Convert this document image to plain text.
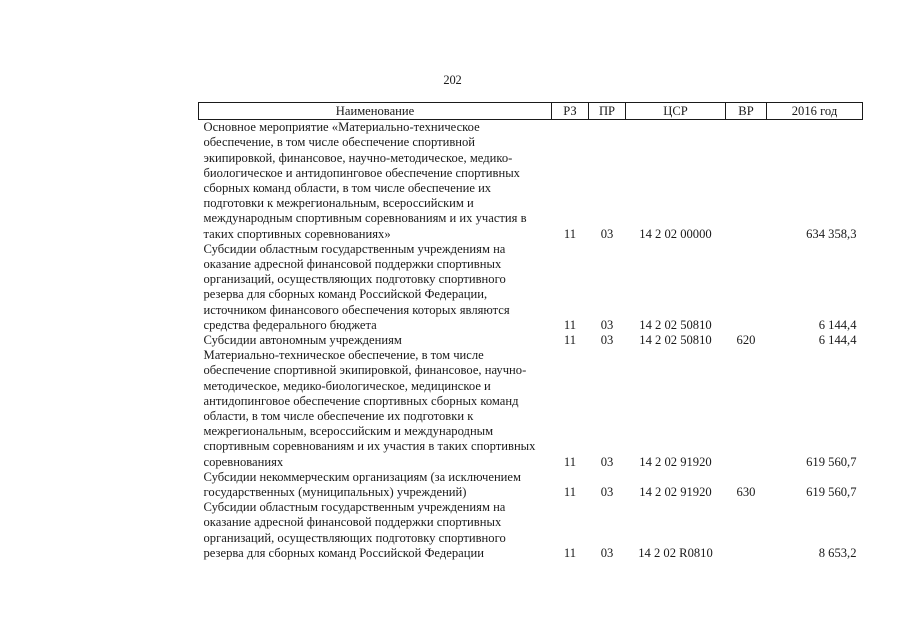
202
Наименование	РЗ	ПР	ЦСР	ВР	2016 год
Основное мероприятие «Материально-техническое обеспечение, в том числе обеспечение спортивной экипировкой, финансовое, научно-методическое, медико-биологическое и антидопинговое обеспечение спортивных сборных команд области, в том числе обеспечение их подготовки к межрегиональным, всероссийским и международным спортивным соревнованиям и их участия в таких спортивных соревнованиях»	11	03	14 2 02 00000		634 358,3
Субсидии областным государственным учреждениям на оказание адресной финансовой поддержки спортивных организаций, осуществляющих подготовку спортивного резерва для сборных команд Российской Федерации, источником финансового обеспечения которых являются средства федерального бюджета	11	03	14 2 02 50810		6 144,4
Субсидии автономным учреждениям	11	03	14 2 02 50810	620	6 144,4
Материально-техническое обеспечение, в том числе обеспечение спортивной экипировкой, финансовое, научно-методическое, медико-биологическое, медицинское и антидопинговое обеспечение спортивных сборных команд области, в том числе обеспечение их подготовки к межрегиональным, всероссийским и международным спортивным соревнованиям и их участия в таких спортивных соревнованиях	11	03	14 2 02 91920		619 560,7
Субсидии некоммерческим организациям (за исключением государственных (муниципальных) учреждений)	11	03	14 2 02 91920	630	619 560,7
Субсидии областным государственным учреждениям на оказание адресной финансовой поддержки спортивных организаций, осуществляющих подготовку спортивного резерва для сборных команд Российской Федерации	11	03	14 2 02 R0810		8 653,2
